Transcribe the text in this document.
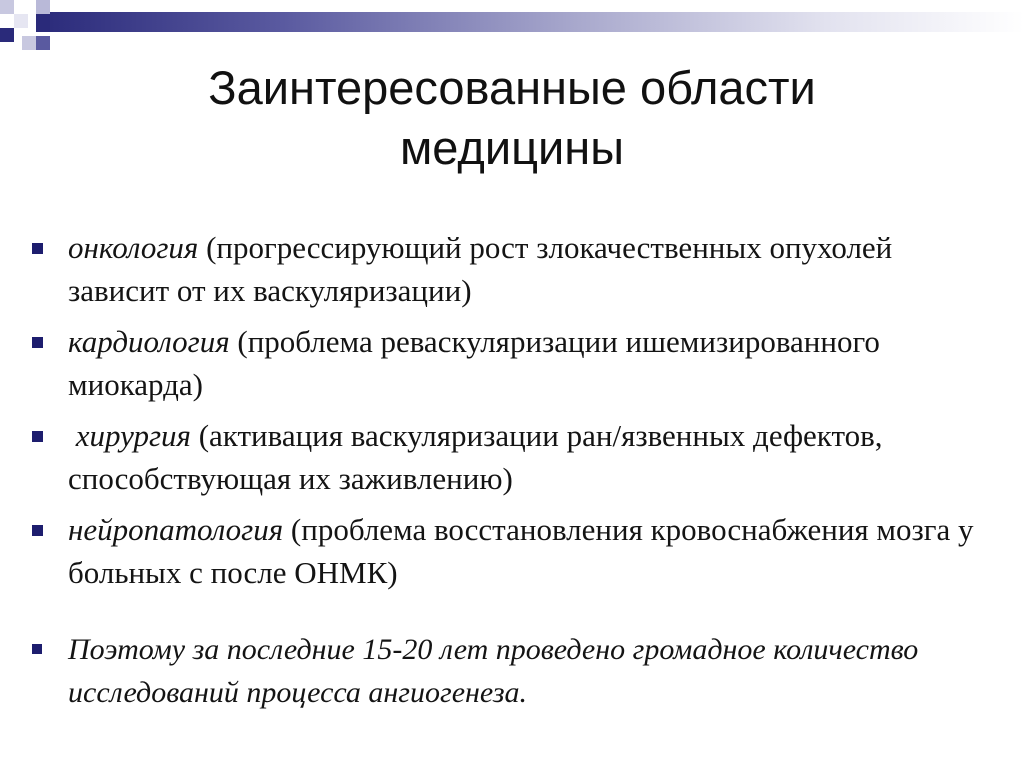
Заинтересованные области
медицины
онкология (прогрессирующий рост злокачественных опухолей зависит от их васкуляризации)
кардиология (проблема реваскуляризации ишемизированного миокарда)
хирургия (активация васкуляризации ран/язвенных дефектов, способствующая их заживлению)
нейропатология (проблема восстановления кровоснабжения мозга у больных с после ОНМК)
Поэтому за последние 15-20 лет проведено громадное количество исследований процесса ангиогенеза.
